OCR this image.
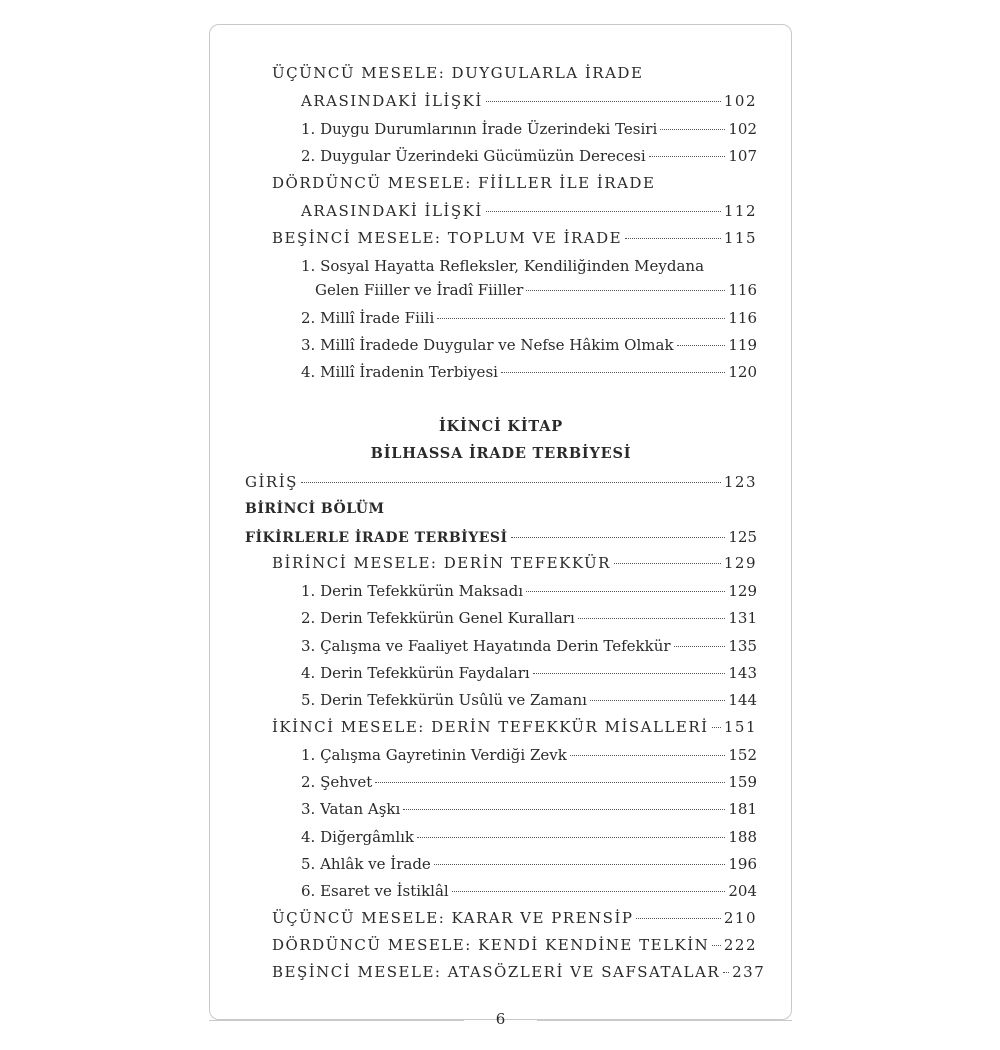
ÜÇÜNCÜ MESELE: DUYGULARLA İRADE
ARASINDAKİ İLİŞKİ	102
1. Duygu Durumlarının İrade Üzerindeki Tesiri	102
2. Duygular Üzerindeki Gücümüzün Derecesi	107
DÖRDÜNCÜ MESELE: FİİLLER İLE İRADE
ARASINDAKİ İLİŞKİ	112
BEŞİNCİ MESELE: TOPLUM VE İRADE	115
1. Sosyal Hayatta Refleksler, Kendiliğinden Meydana
Gelen Fiiller ve İradî Fiiller	116
2. Millî İrade Fiili	116
3. Millî İradede Duygular ve Nefse Hâkim Olmak	119
4. Millî İradenin Terbiyesi	120
İKİNCİ KİTAP
BİLHASSA İRADE TERBİYESİ
GİRİŞ	123
BİRİNCİ BÖLÜM
FİKİRLERLE İRADE TERBİYESİ	125
BİRİNCİ MESELE: DERİN TEFEKKÜR	129
1. Derin Tefekkürün Maksadı	129
2. Derin Tefekkürün Genel Kuralları	131
3. Çalışma ve Faaliyet Hayatında Derin Tefekkür	135
4. Derin Tefekkürün Faydaları	143
5. Derin Tefekkürün Usûlü ve Zamanı	144
İKİNCİ MESELE: DERİN TEFEKKÜR MİSALLERİ 151
1. Çalışma Gayretinin Verdiği Zevk	152
2. Şehvet	159
3. Vatan Aşkı	181
4. Diğergâmlık	188
5. Ahlâk ve İrade	196
6. Esaret ve İstiklâl	204
ÜÇÜNCÜ MESELE: KARAR VE PRENSİP	210
DÖRDÜNCÜ MESELE: KENDİ KENDİNE TELKİN 222
BEŞİNCİ MESELE: ATASÖZLERİ VE SAFSATALAR 237
6
